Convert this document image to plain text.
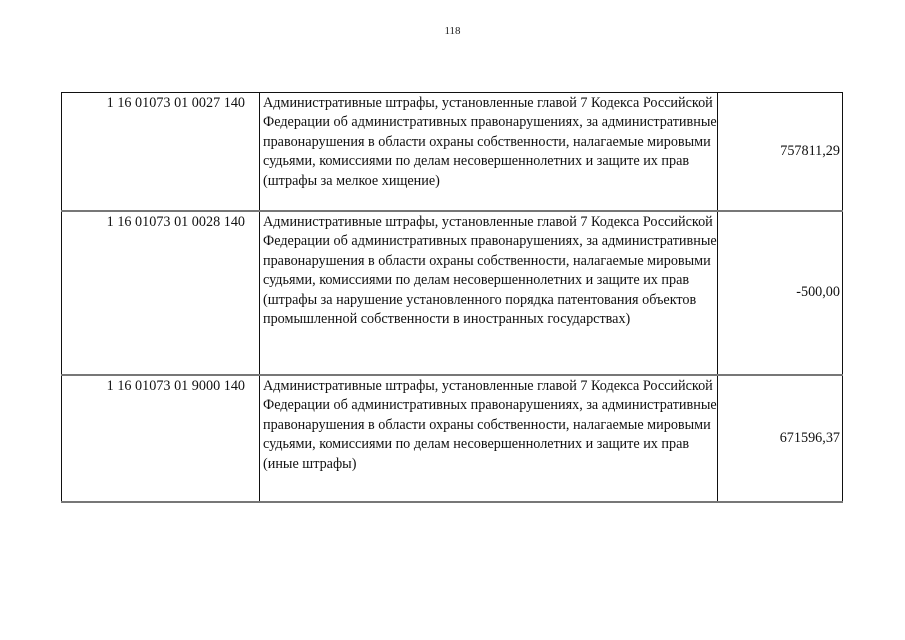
118
1 16 01073 01 0027 140	Административные штрафы, установленные главой 7 Кодекса Российской Федерации об административных правонарушениях, за административные правонарушения в области охраны собственности, налагаемые мировыми судьями, комиссиями по делам несовершеннолетних и защите их прав (штрафы за мелкое хищение)	757811,29
1 16 01073 01 0028 140	Административные штрафы, установленные главой 7 Кодекса Российской Федерации об административных правонарушениях, за административные правонарушения в области охраны собственности, налагаемые мировыми судьями, комиссиями по делам несовершеннолетних и защите их прав (штрафы за нарушение установленного порядка патентования объектов промышленной собственности в иностранных государствах)	-500,00
1 16 01073 01 9000 140	Административные штрафы, установленные главой 7 Кодекса Российской Федерации об административных правонарушениях, за административные правонарушения в области охраны собственности, налагаемые мировыми судьями, комиссиями по делам несовершеннолетних и защите их прав (иные штрафы)	671596,37
